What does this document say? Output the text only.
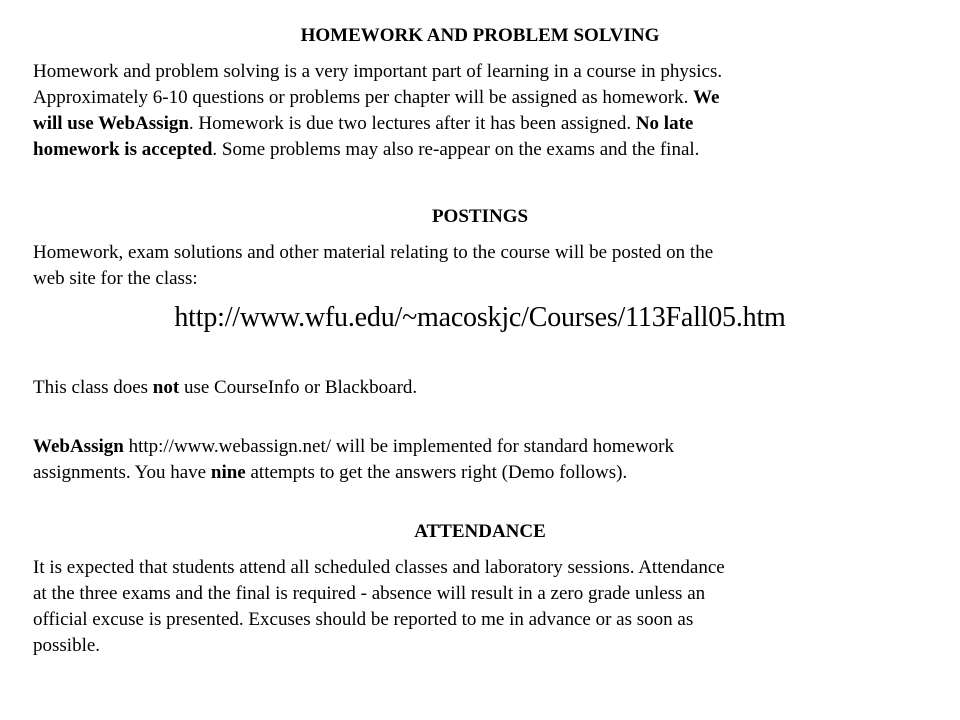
HOMEWORK AND PROBLEM SOLVING
Homework and problem solving is a very important part of learning in a course in physics.
Approximately 6-10 questions or problems per chapter will be assigned as homework. We
will use WebAssign. Homework is due two lectures after it has been assigned. No late
homework is accepted. Some problems may also re-appear on the exams and the final.
POSTINGS
Homework, exam solutions and other material relating to the course will be posted on the
web site for the class:
http://www.wfu.edu/~macoskjc/Courses/113Fall05.htm
This class does not use CourseInfo or Blackboard.
WebAssign http://www.webassign.net/ will be implemented for standard homework
assignments. You have nine attempts to get the answers right (Demo follows).
ATTENDANCE
It is expected that students attend all scheduled classes and laboratory sessions. Attendance
at the three exams and the final is required - absence will result in a zero grade unless an
official excuse is presented. Excuses should be reported to me in advance or as soon as
possible.
